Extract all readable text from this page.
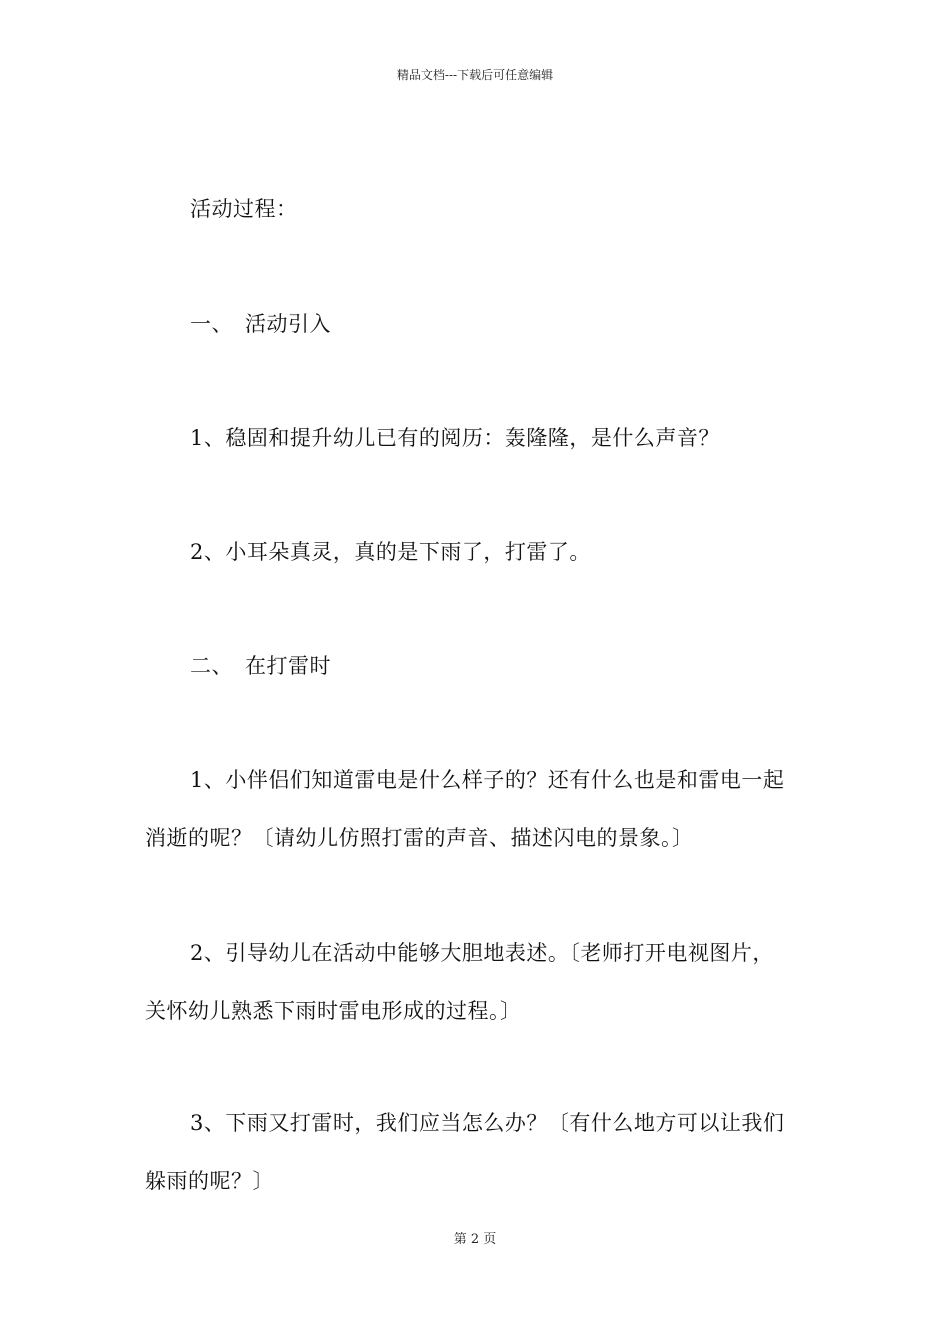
精品文档---下载后可任意编辑
活动过程：
一、 活动引入
1、稳固和提升幼儿已有的阅历：轰隆隆，是什么声音？
2、小耳朵真灵，真的是下雨了，打雷了。
二、 在打雷时
1、小伴侣们知道雷电是什么样子的？还有什么也是和雷电一起
消逝的呢？〔请幼儿仿照打雷的声音、描述闪电的景象。〕
2、引导幼儿在活动中能够大胆地表述。〔老师打开电视图片，
关怀幼儿熟悉下雨时雷电形成的过程。〕
3、下雨又打雷时，我们应当怎么办？〔有什么地方可以让我们
躲雨的呢？〕
第 2 页
